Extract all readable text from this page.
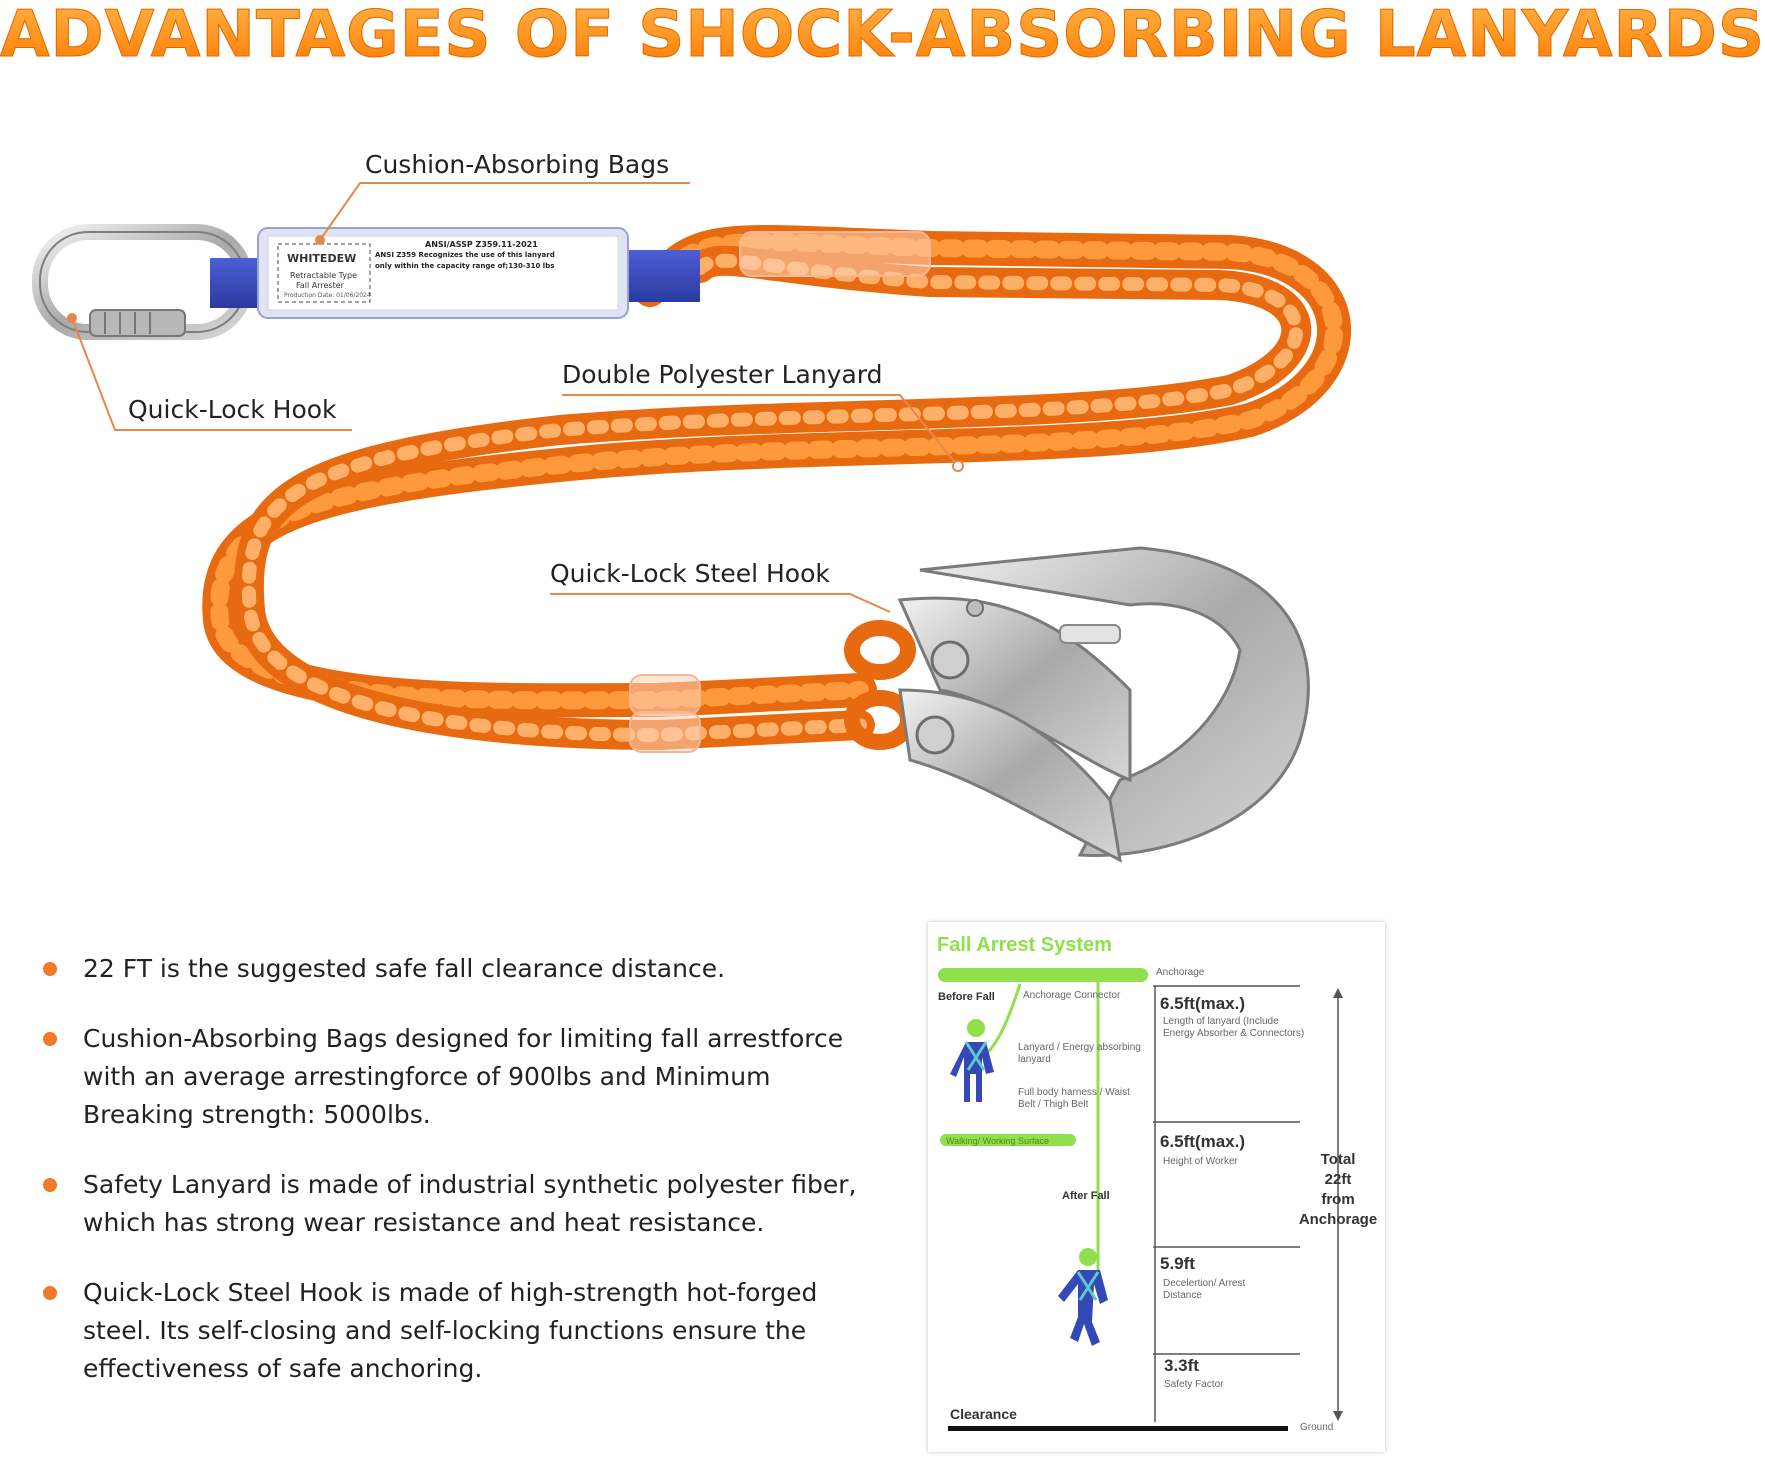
ADVANTAGES OF SHOCK-ABSORBING LANYARDS
WHITEDEW
Retractable Type
Fall Arrester
Production Date: 01/06/2024
ANSI/ASSP Z359.11-2021
ANSI Z359 Recognizes the use of this lanyard
only within the capacity range of;130-310 lbs
Cushion-Absorbing Bags
Quick-Lock Hook
Double Polyester Lanyard
Quick-Lock Steel Hook
22 FT is the suggested safe fall clearance distance.
Cushion-Absorbing Bags designed for limiting fall arrestforce with an average arrestingforce of 900lbs and Minimum Breaking strength: 5000lbs.
Safety Lanyard is made of industrial synthetic polyester fiber, which has strong wear resistance and heat resistance.
Quick-Lock Steel Hook is made of high-strength hot-forged steel. Its self-closing and self-locking functions ensure the effectiveness of safe anchoring.
Fall Arrest System
Anchorage
Before Fall	Anchorage Connector
Lanyard / Energy absorbing lanyard
Full body harness / Waist Belt / Thigh Belt
Walking/ Working Surface
After Fall
6.5ft(max.)
Length of lanyard (Include Energy Absorber & Connectors)
6.5ft(max.)
Height of Worker
5.9ft
Decelertion/ Arrest Distance
3.3ft
Safety Factor
Total
22ft
from
Anchorage
Clearance
Ground
